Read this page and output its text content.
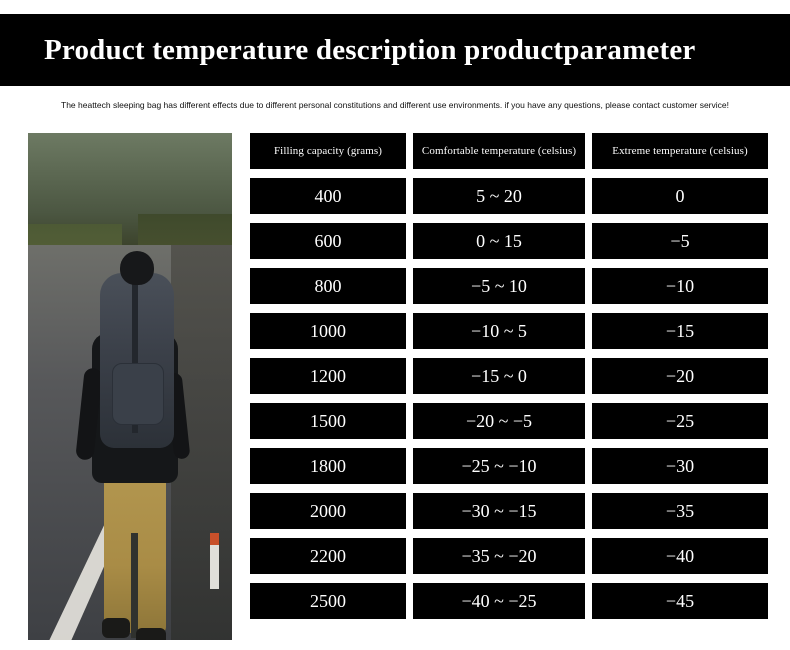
Product temperature description productparameter
The heattech sleeping bag has different effects due to different personal constitutions and different use environments. if you have any questions, please contact customer service!
Filling capacity (grams)	Comfortable temperature (celsius)	Extreme temperature (celsius)
400	5 ~ 20	0
600	0 ~ 15	−5
800	−5 ~ 10	−10
1000	−10 ~ 5	−15
1200	−15 ~ 0	−20
1500	−20 ~ −5	−25
1800	−25 ~ −10	−30
2000	−30 ~ −15	−35
2200	−35 ~ −20	−40
2500	−40 ~ −25	−45
